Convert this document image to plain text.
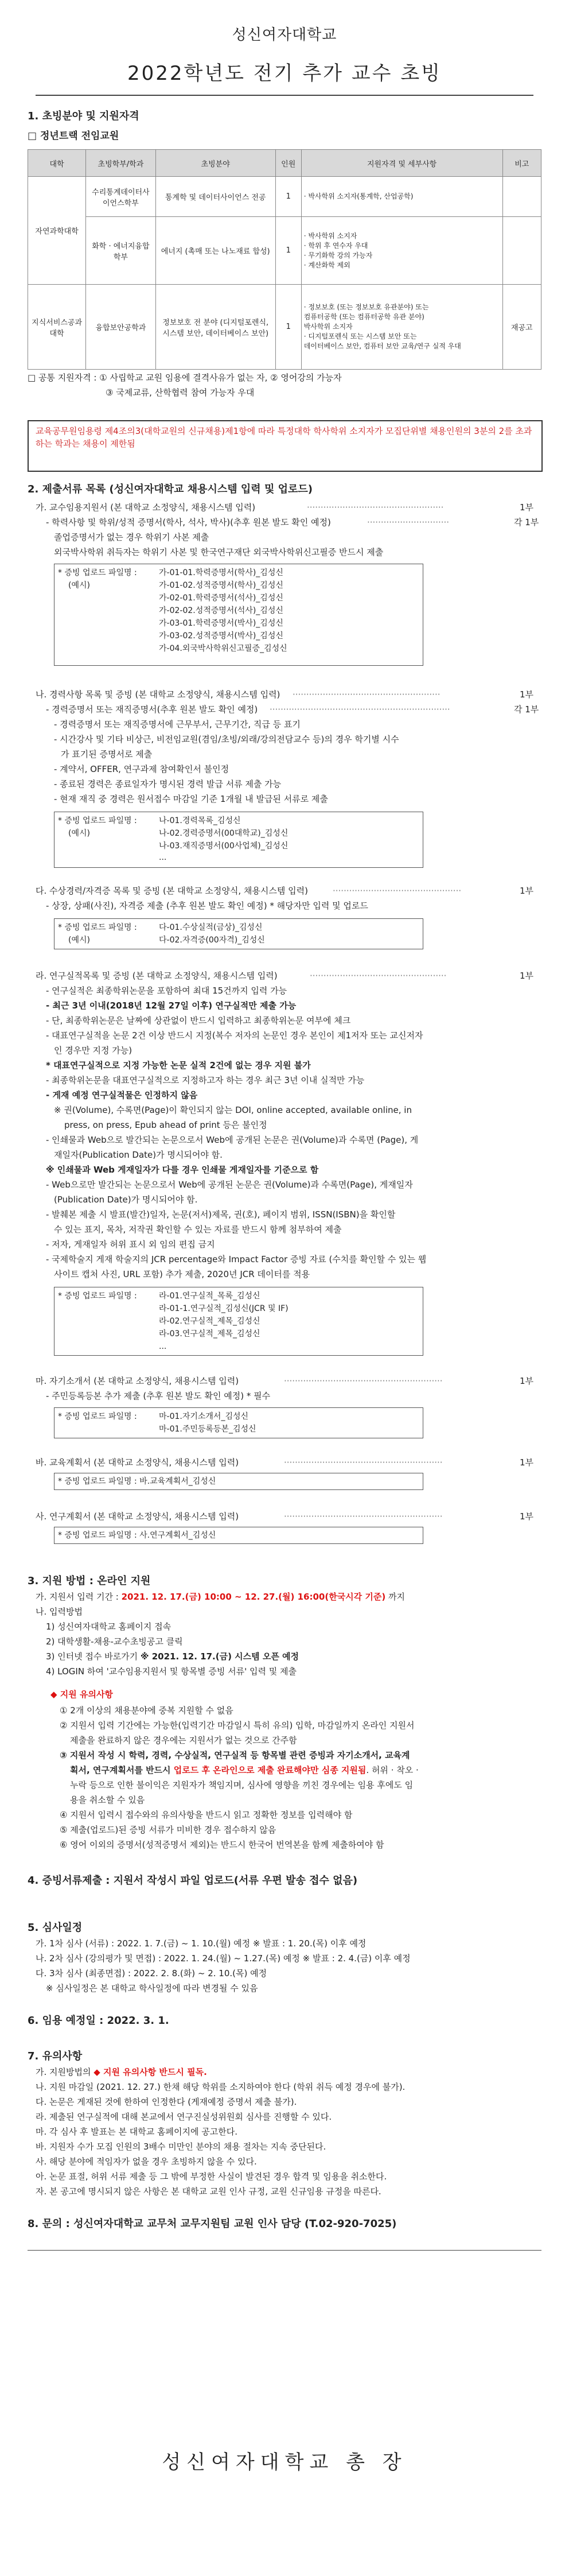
성신여자대학교
2022학년도 전기 추가 교수 초빙
1. 초빙분야 및 지원자격
□ 정년트랙 전임교원
대학	초빙학부/학과	초빙분야	인원	지원자격 및 세부사항	비고
자연과학대학	수리통계데이터사이언스학부	통계학 및 데이터사이언스 전공	1	· 박사학위 소지자(통계학, 산업공학)	

	화학 · 에너지융합학부	에너지 (촉매 또는 나노재료 합성)	1	· 박사학위 소지자
· 학위 후 연수자 우대
· 무기화학 강의 가능자
· 계산화학 제외	

지식서비스공과대학	융합보안공학과	정보보호 전 분야 (디지털포렌식, 시스템 보안, 데이터베이스 보안)	1	· 정보보호 (또는 정보보호 유관분야) 또는
컴퓨터공학 (또는 컴퓨터공학 유관 분야)
박사학위 소지자
· 디지털포렌식 또는 시스템 보안 또는
데이터베이스 보안, 컴퓨터 보안 교육/연구 실적 우대	재공고
□ 공통 지원자격 : ① 사립학교 교원 임용에 결격사유가 없는 자, ② 영어강의 가능자
③ 국제교류, 산학협력 참여 가능자 우대
교육공무원임용령 제4조의3(대학교원의 신규채용)제1항에 따라 특정대학 학사학위 소지자가 모집단위별 채용인원의 3분의 2를 초과하는 학과는 채용이 제한됨
2. 제출서류 목록 (성신여자대학교 채용시스템 입력 및 업로드)
가. 교수임용지원서 (본 대학교 소정양식, 채용시스템 입력)	··················································	1부
- 학력사항 및 학위/성적 증명서(학사, 석사, 박사)(추후 원본 발도 확인 예정)	······························	각 1부
졸업증명서가 없는 경우 학위기 사본 제출
외국박사학위 취득자는 학위기 사본 및 한국연구재단 외국박사학위신고필증 반드시 제출
* 증빙 업로드 파일명 :
(예시)
가-01-01.학력증명서(학사)_김성신
가-01-02.성적증명서(학사)_김성신
가-02-01.학력증명서(석사)_김성신
가-02-02.성적증명서(석사)_김성신
가-03-01.학력증명서(박사)_김성신
가-03-02.성적증명서(박사)_김성신
가-04.외국박사학위신고필증_김성신
나. 경력사항 목록 및 증빙 (본 대학교 소정양식, 채용시스템 입력) ······················································	1부
- 경력증명서 또는 재직증명서(추후 원본 발도 확인 예정) ··································································	각 1부
- 경력증명서 또는 재직증명서에 근무부서, 근무기간, 직급 등 표기
- 시간강사 및 기타 비상근, 비전임교원(겸임/초빙/외래/강의전담교수 등)의 경우 학기별 시수
가 표기된 증명서로 제출
- 계약서, OFFER, 연구과제 참여확인서 불인정
- 종료된 경력은 종료일자가 명시된 경력 발급 서류 제출 가능
- 현재 재직 중 경력은 원서접수 마감일 기준 1개월 내 발급된 서류로 제출
* 증빙 업로드 파일명 :
(예시)
나-01.경력목록_김성신
나-02.경력증명서(00대학교)_김성신
나-03.재직증명서(00사업체)_김성신
...
다. 수상경력/자격증 목록 및 증빙 (본 대학교 소정양식, 채용시스템 입력)	···············································	1부
- 상장, 상패(사진), 자격증 제출 (추후 원본 발도 확인 예정) * 해당자만 입력 및 업로드
* 증빙 업로드 파일명 :
(예시)
다-01.수상실적(금상)_김성신
다-02.자격증(00자격)_김성신
라. 연구실적목록 및 증빙 (본 대학교 소정양식, 채용시스템 입력)	··················································	1부
- 연구실적은 최종학위논문을 포함하여 최대 15건까지 입력 가능
- 최근 3년 이내(2018년 12월 27일 이후) 연구실적만 제출 가능
- 단, 최종학위논문은 날짜에 상관없이 반드시 입력하고 최종학위논문 여부에 체크
- 대표연구실적을 논문 2건 이상 반드시 지정(복수 저자의 논문인 경우 본인이 제1저자 또는 교신저자
인 경우만 지정 가능)
* 대표연구실적으로 지정 가능한 논문 실적 2건에 없는 경우 지원 불가
- 최종학위논문을 대표연구실적으로 지정하고자 하는 경우 최근 3년 이내 실적만 가능
- 게재 예정 연구실적물은 인정하지 않음
※ 권(Volume), 수록면(Page)이 확인되지 않는 DOI, online accepted, available online, in
press, on press, Epub ahead of print 등은 불인정
- 인쇄물과 Web으로 발간되는 논문으로서 Web에 공개된 논문은 권(Volume)과 수록면 (Page), 게
재일자(Publication Date)가 명시되어야 함.
※ 인쇄물과 Web 게재일자가 다를 경우 인쇄물 게재일자를 기준으로 함
- Web으로만 발간되는 논문으로서 Web에 공개된 논문은 권(Volume)과 수록면(Page), 게재일자
(Publication Date)가 명시되어야 함.
- 발췌본 제출 시 발표(발간)일자, 논문(저서)제목, 권(호), 페이지 범위, ISSN(ISBN)을 확인할
수 있는 표지, 목차, 저작권 확인할 수 있는 자료를 반드시 함께 첨부하여 제출
- 저자, 게재일자 허위 표시 외 임의 편집 금지
- 국제학술지 게재 학술지의 JCR percentage와 Impact Factor 증빙 자료 (수치를 확인할 수 있는 웹
사이트 캡처 사진, URL 포함) 추가 제출, 2020년 JCR 데이터를 적용
* 증빙 업로드 파일명 :	라-01.연구실적_목록_김성신
라-01-1.연구실적_김성신(JCR 및 IF)
라-02.연구실적_제목_김성신
라-03.연구실적_제목_김성신
...
마. 자기소개서 (본 대학교 소정양식, 채용시스템 입력)	··························································	1부
- 주민등록등본 추가 제출 (추후 원본 발도 확인 예정) * 필수
* 증빙 업로드 파일명 :	마-01.자기소개서_김성신
마-01.주민등록등본_김성신
바. 교육계획서 (본 대학교 소정양식, 채용시스템 입력)	··························································	1부
* 증빙 업로드 파일명 : 바.교육계획서_김성신
사. 연구계획서 (본 대학교 소정양식, 채용시스템 입력)	··························································	1부
* 증빙 업로드 파일명 : 사.연구계획서_김성신
3. 지원 방법 : 온라인 지원
가. 지원서 입력 기간 : 2021. 12. 17.(금) 10:00 ~ 12. 27.(월) 16:00(한국시각 기준) 까지
나. 입력방법
1) 성신여자대학교 홈페이지 접속
2) 대학생활-채용-교수초빙공고 클릭
3) 인터넷 접수 바로가기 ※ 2021. 12. 17.(금) 시스템 오픈 예정
4) LOGIN 하여 '교수임용지원서 및 항목별 증빙 서류' 입력 및 제출
◆ 지원 유의사항
① 2개 이상의 채용분야에 중복 지원할 수 없음
② 지원서 입력 기간에는 가능한(입력기간 마감일시 특히 유의) 입학, 마감일까지 온라인 지원서
제출을 완료하지 않은 경우에는 지원서가 없는 것으로 간주함
③ 지원서 작성 시 학력, 경력, 수상실적, 연구실적 등 항목별 관련 증빙과 자기소개서, 교육계
획서, 연구계획서를 반드시 업로드 후 온라인으로 제출 완료해야만 심종 지원됨. 허위 · 착오 ·
누락 등으로 인한 불이익은 지원자가 책임지며, 심사에 영향을 끼친 경우에는 임용 후에도 임
용을 취소할 수 있음
④ 지원서 입력시 접수와의 유의사항을 반드시 읽고 정확한 정보를 입력해야 함
⑤ 제출(업로드)된 증빙 서류가 미비한 경우 접수하지 않음
⑥ 영어 이외의 증명서(성적증명서 제외)는 반드시 한국어 번역본을 함께 제출하여야 함
4. 증빙서류제출 : 지원서 작성시 파일 업로드(서류 우편 발송 접수 없음)
5. 심사일정
가. 1차 심사 (서류) : 2022. 1. 7.(금) ~ 1. 10.(월) 예정 ※ 발표 : 1. 20.(목) 이후 예정
나. 2차 심사 (강의평가 및 면접) : 2022. 1. 24.(월) ~ 1.27.(목) 예정 ※ 발표 : 2. 4.(금) 이후 예정
다. 3차 심사 (최종면접) : 2022. 2. 8.(화) ~ 2. 10.(목) 예정
※ 심사일정은 본 대학교 학사일정에 따라 변경될 수 있음
6. 임용 예정일 : 2022. 3. 1.
7. 유의사항
가. 지원방법의 ◆ 지원 유의사항 반드시 필독.
나. 지원 마감일 (2021. 12. 27.) 한채 해당 학위를 소지하여야 한다 (학위 취득 예정 경우에 불가).
다. 논문은 게재된 것에 한하여 인정한다 (게재예정 증명서 제출 불가).
라. 제출된 연구실적에 대해 본교에서 연구진실성위원회 심사를 진행할 수 있다.
마. 각 심사 후 발표는 본 대학교 홈페이지에 공고한다.
바. 지원자 수가 모집 인원의 3배수 미만인 분야의 채용 절차는 지속 중단된다.
사. 해당 분야에 적임자가 없을 경우 초빙하지 않을 수 있다.
아. 논문 표절, 허위 서류 제출 등 그 밖에 부정한 사실이 발견된 경우 합격 및 임용을 취소한다.
자. 본 공고에 명시되지 않은 사항은 본 대학교 교원 인사 규정, 교원 신규임용 규정을 따른다.
8. 문의 : 성신여자대학교 교무처 교무지원팀 교원 인사 담당 (T.02-920-7025)
성신여자대학교 총 장
